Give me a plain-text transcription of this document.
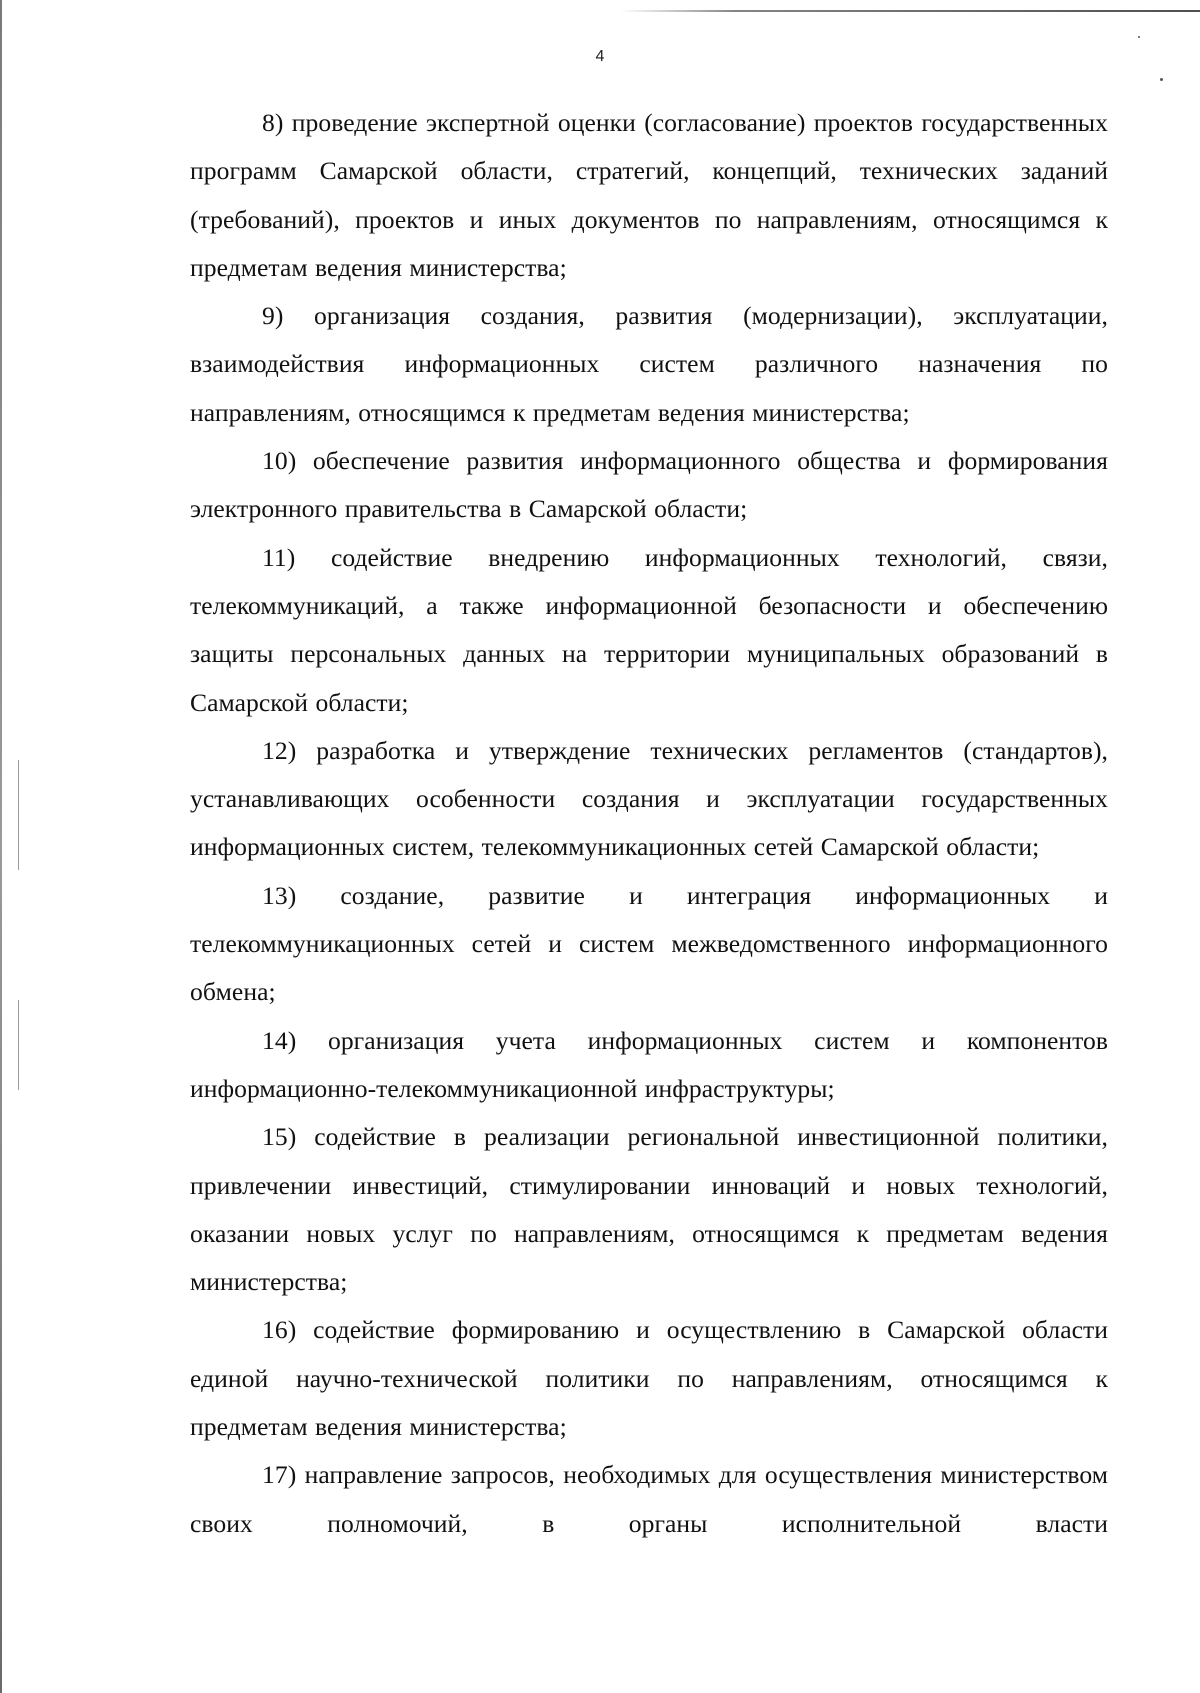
4

8) проведение экспертной оценки (согласование) проектов государственных программ Самарской области, стратегий, концепций, технических заданий (требований), проектов и иных документов по направлениям, относящимся к предметам ведения министерства;

9) организация создания, развития (модернизации), эксплуатации, взаимодействия информационных систем различного назначения по направлениям, относящимся к предметам ведения министерства;

10) обеспечение развития информационного общества и формирования электронного правительства в Самарской области;

11) содействие внедрению информационных технологий, связи, телекоммуникаций, а также информационной безопасности и обеспечению защиты персональных данных на территории муниципальных образований в Самарской области;

12) разработка и утверждение технических регламентов (стандартов), устанавливающих особенности создания и эксплуатации государственных информационных систем, телекоммуникационных сетей Самарской области;

13) создание, развитие и интеграция информационных и телекоммуникационных сетей и систем межведомственного информационного обмена;

14) организация учета информационных систем и компонентов информационно-телекоммуникационной инфраструктуры;

15) содействие в реализации региональной инвестиционной политики, привлечении инвестиций, стимулировании инноваций и новых технологий, оказании новых услуг по направлениям, относящимся к предметам ведения министерства;

16) содействие формированию и осуществлению в Самарской области единой научно-технической политики по направлениям, относящимся к предметам ведения министерства;

17) направление запросов, необходимых для осуществления министерством своих полномочий, в органы исполнительной власти
